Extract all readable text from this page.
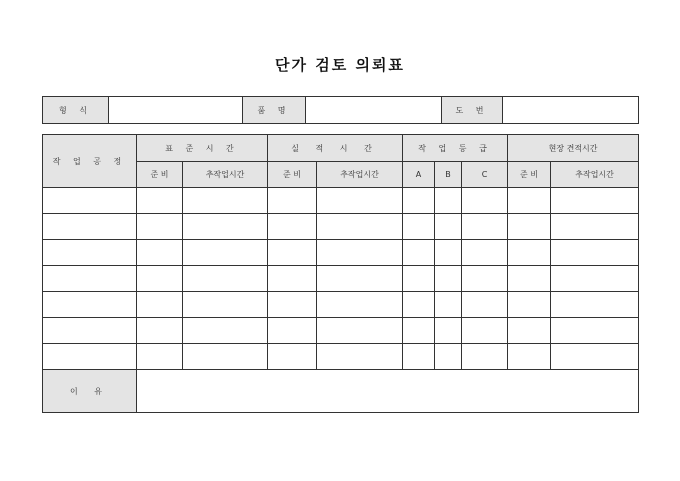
단가 검토 의뢰표
형 식		품 명		도 번	
작 업 공 정	표 준 시 간		실 적 시 간		작 업 등 급			현장 견적시간	
	준 비	추작업시간	준 비	추작업시간	A	B	C	준 비	추작업시간

이 유									
